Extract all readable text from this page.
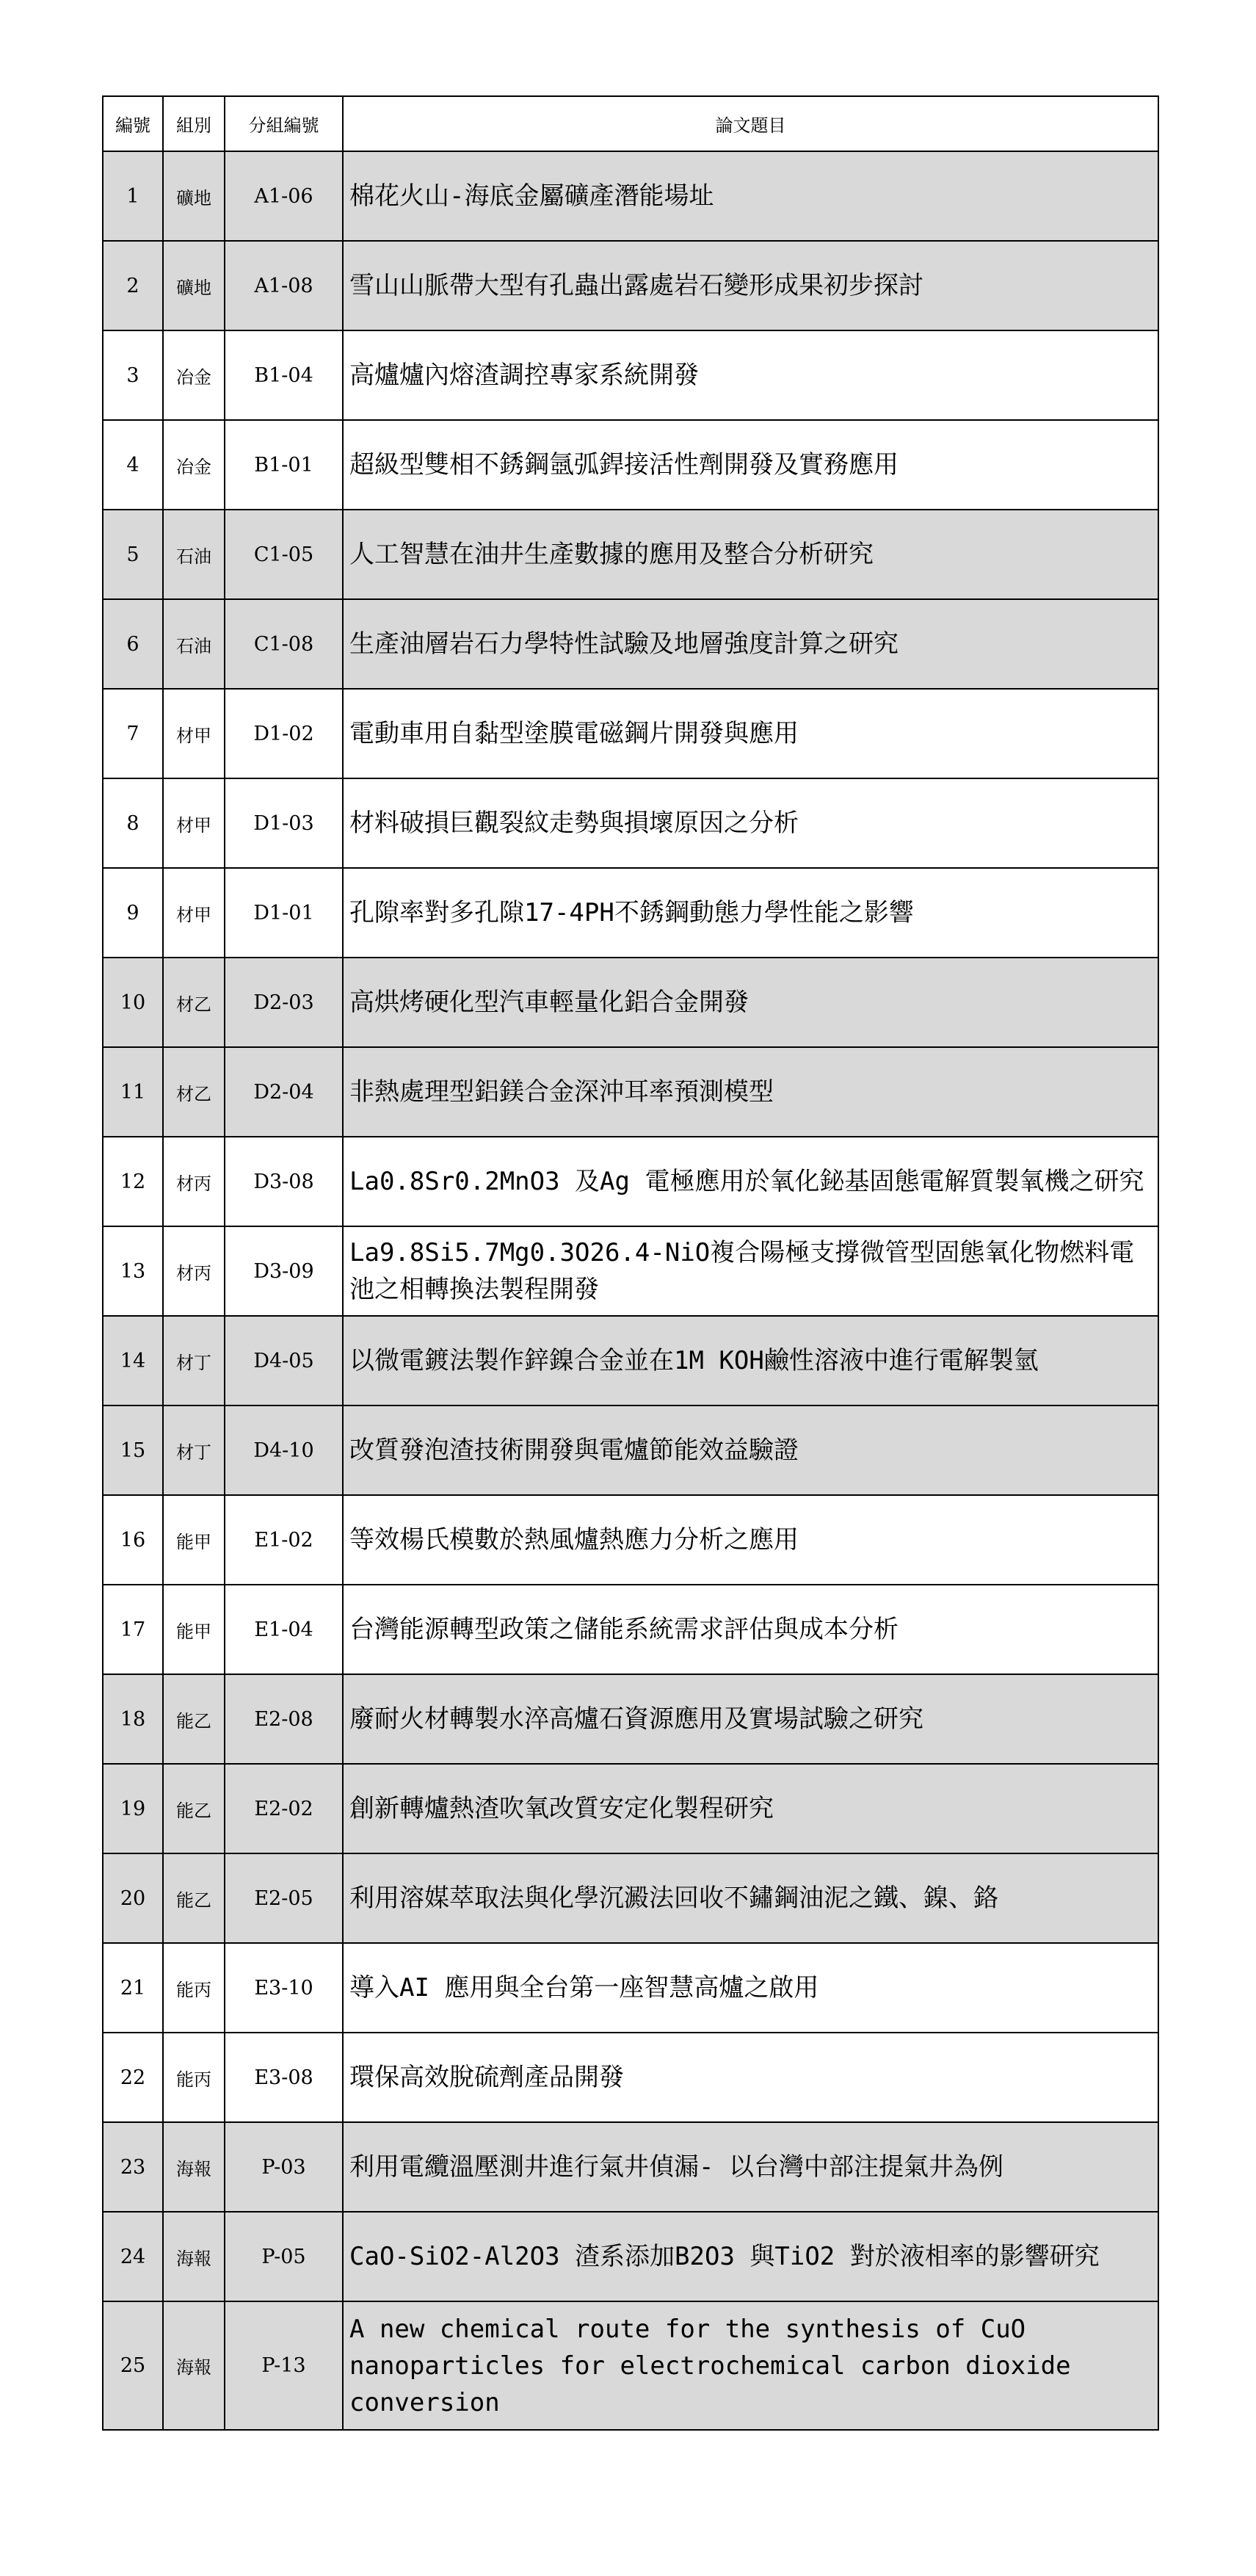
編號	組別	分組編號	論文題目
1	礦地	A1-06	棉花火山-海底金屬礦產潛能場址
2	礦地	A1-08	雪山山脈帶大型有孔蟲出露處岩石變形成果初步探討
3	冶金	B1-04	高爐爐內熔渣調控專家系統開發
4	冶金	B1-01	超級型雙相不銹鋼氬弧銲接活性劑開發及實務應用
5	石油	C1-05	人工智慧在油井生產數據的應用及整合分析研究
6	石油	C1-08	生產油層岩石力學特性試驗及地層強度計算之研究
7	材甲	D1-02	電動車用自黏型塗膜電磁鋼片開發與應用
8	材甲	D1-03	材料破損巨觀裂紋走勢與損壞原因之分析
9	材甲	D1-01	孔隙率對多孔隙17-4PH不銹鋼動態力學性能之影響
10	材乙	D2-03	高烘烤硬化型汽車輕量化鋁合金開發
11	材乙	D2-04	非熱處理型鋁鎂合金深沖耳率預測模型
12	材丙	D3-08	La0.8Sr0.2MnO3 及Ag 電極應用於氧化鉍基固態電解質製氧機之研究
13	材丙	D3-09	La9.8Si5.7Mg0.3O26.4-NiO複合陽極支撐微管型固態氧化物燃料電池之相轉換法製程開發
14	材丁	D4-05	以微電鍍法製作鋅鎳合金並在1M KOH鹼性溶液中進行電解製氫
15	材丁	D4-10	改質發泡渣技術開發與電爐節能效益驗證
16	能甲	E1-02	等效楊氏模數於熱風爐熱應力分析之應用
17	能甲	E1-04	台灣能源轉型政策之儲能系統需求評估與成本分析
18	能乙	E2-08	廢耐火材轉製水淬高爐石資源應用及實場試驗之研究
19	能乙	E2-02	創新轉爐熱渣吹氧改質安定化製程研究
20	能乙	E2-05	利用溶媒萃取法與化學沉澱法回收不鏽鋼油泥之鐵、鎳、鉻
21	能丙	E3-10	導入AI 應用與全台第一座智慧高爐之啟用
22	能丙	E3-08	環保高效脫硫劑產品開發
23	海報	P-03	利用電纜溫壓測井進行氣井偵漏- 以台灣中部注提氣井為例
24	海報	P-05	CaO-SiO2-Al2O3 渣系添加B2O3 與TiO2 對於液相率的影響研究
25	海報	P-13	A new chemical route for the synthesis of CuO nanoparticles for electrochemical carbon dioxide conversion
